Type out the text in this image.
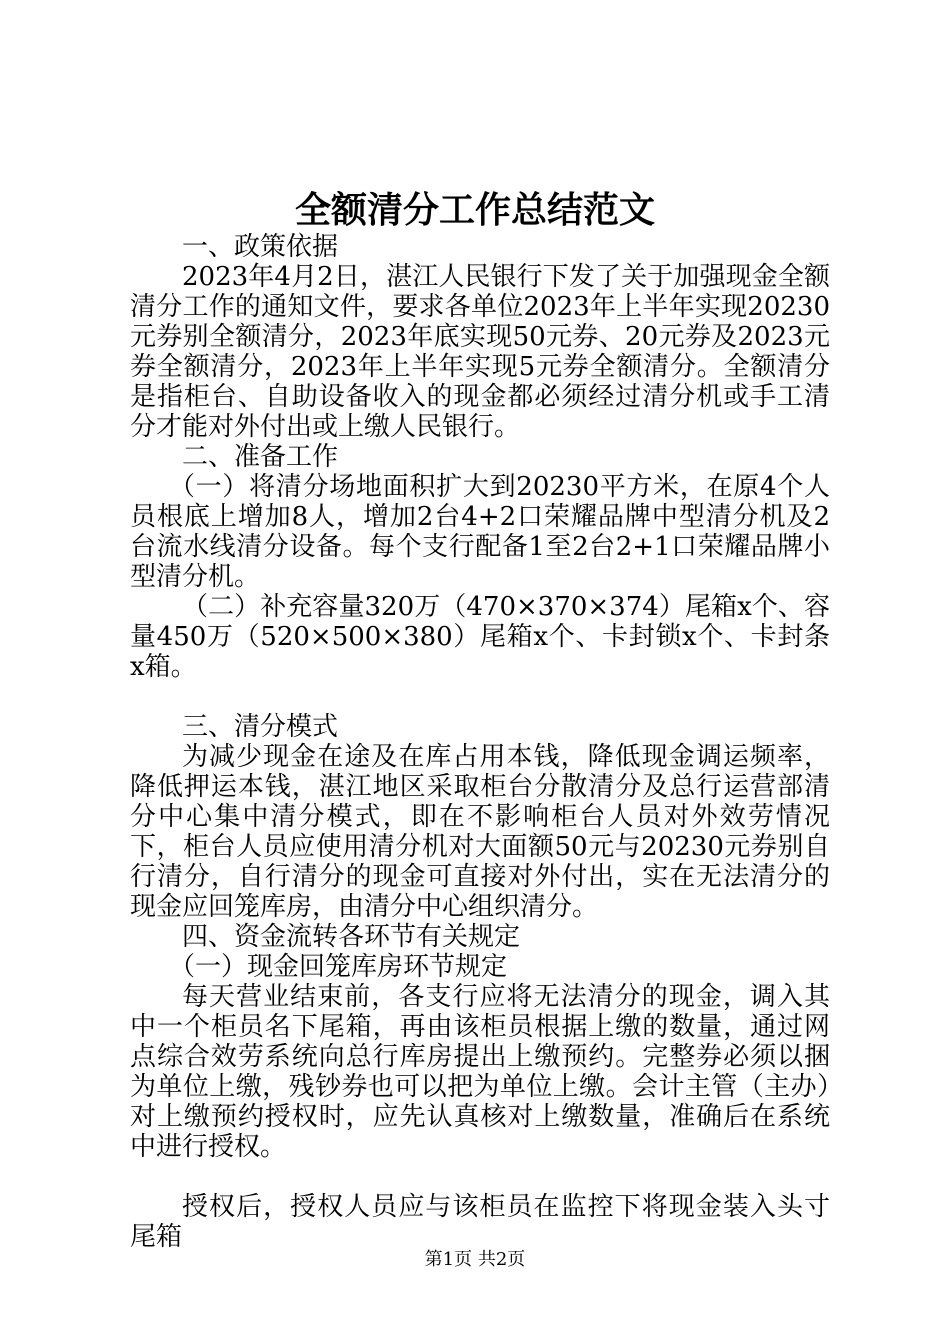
全额清分工作总结范文

一、政策依据

2023年4月2日，湛江人民银行下发了关于加强现金全额清分工作的通知文件，要求各单位2023年上半年实现20230元券别全额清分，2023年底实现50元券、20元券及2023元券全额清分，2023年上半年实现5元券全额清分。全额清分是指柜台、自助设备收入的现金都必须经过清分机或手工清分才能对外付出或上缴人民银行。

二、准备工作

（一）将清分场地面积扩大到20230平方米，在原4个人员根底上增加8人，增加2台4+2口荣耀品牌中型清分机及2台流水线清分设备。每个支行配备1至2台2+1口荣耀品牌小型清分机。

（二）补充容量320万（470×370×374）尾箱x个、容量450万（520×500×380）尾箱x个、卡封锁x个、卡封条x箱。

三、清分模式

为减少现金在途及在库占用本钱，降低现金调运频率，降低押运本钱，湛江地区采取柜台分散清分及总行运营部清分中心集中清分模式，即在不影响柜台人员对外效劳情况下，柜台人员应使用清分机对大面额50元与20230元券别自行清分，自行清分的现金可直接对外付出，实在无法清分的现金应回笼库房，由清分中心组织清分。

四、资金流转各环节有关规定

（一）现金回笼库房环节规定

每天营业结束前，各支行应将无法清分的现金，调入其中一个柜员名下尾箱，再由该柜员根据上缴的数量，通过网点综合效劳系统向总行库房提出上缴预约。完整券必须以捆为单位上缴，残钞券也可以把为单位上缴。会计主管（主办）对上缴预约授权时，应先认真核对上缴数量，准确后在系统中进行授权。

授权后，授权人员应与该柜员在监控下将现金装入头寸尾箱

第1页 共2页
